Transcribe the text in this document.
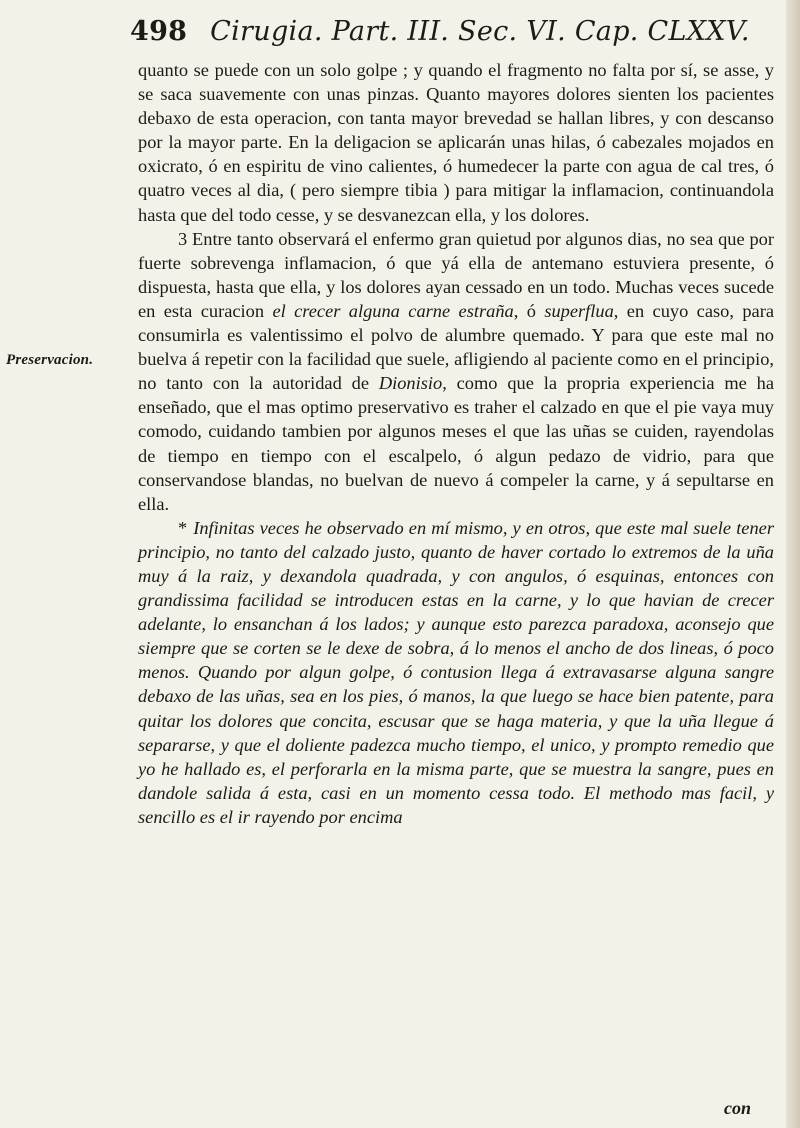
498 Cirugia. Part. III. Sec. VI. Cap. CLXXV.
Preservacion.

quanto se puede con un solo golpe ; y quando el fragmento no falta por sí, se asse, y se saca suavemente con unas pinzas. Quanto mayores dolores sienten los pacientes debaxo de esta operacion, con tanta mayor brevedad se hallan libres, y con descanso por la mayor parte. En la deligacion se aplicarán unas hilas, ó cabezales mojados en oxicrato, ó en espiritu de vino calientes, ó humedecer la parte con agua de cal tres, ó quatro veces al dia, ( pero siempre tibia ) para mitigar la inflamacion, continuandola hasta que del todo cesse, y se desvanezcan ella, y los dolores.

3 Entre tanto observará el enfermo gran quietud por algunos dias, no sea que por fuerte sobrevenga inflamacion, ó que yá ella de antemano estuviera presente, ó dispuesta, hasta que ella, y los dolores ayan cessado en un todo. Muchas veces sucede en esta curacion el crecer alguna carne estraña, ó superflua, en cuyo caso, para consumirla es valentissimo el polvo de alumbre quemado. Y para que este mal no buelva á repetir con la facilidad que suele, afligiendo al paciente como en el principio, no tanto con la autoridad de Dionisio, como que la propria experiencia me ha enseñado, que el mas optimo preservativo es traher el calzado en que el pie vaya muy comodo, cuidando tambien por algunos meses el que las uñas se cuiden, rayendolas de tiempo en tiempo con el escalpelo, ó algun pedazo de vidrio, para que conservandose blandas, no buelvan de nuevo á compeler la carne, y á sepultarse en ella.

* Infinitas veces he observado en mí mismo, y en otros, que este mal suele tener principio, no tanto del calzado justo, quanto de haver cortado lo extremos de la uña muy á la raiz, y dexandola quadrada, y con angulos, ó esquinas, entonces con grandissima facilidad se introducen estas en la carne, y lo que havian de crecer adelante, lo ensanchan á los lados; y aunque esto parezca paradoxa, aconsejo que siempre que se corten se le dexe de sobra, á lo menos el ancho de dos lineas, ó poco menos. Quando por algun golpe, ó contusion llega á extravasarse alguna sangre debaxo de las uñas, sea en los pies, ó manos, la que luego se hace bien patente, para quitar los dolores que concita, escusar que se haga materia, y que la uña llegue á separarse, y que el doliente padezca mucho tiempo, el unico, y prompto remedio que yo he hallado es, el perforarla en la misma parte, que se muestra la sangre, pues en dandole salida á esta, casi en un momento cessa todo. El methodo mas facil, y sencillo es el ir rayendo por encima

con
